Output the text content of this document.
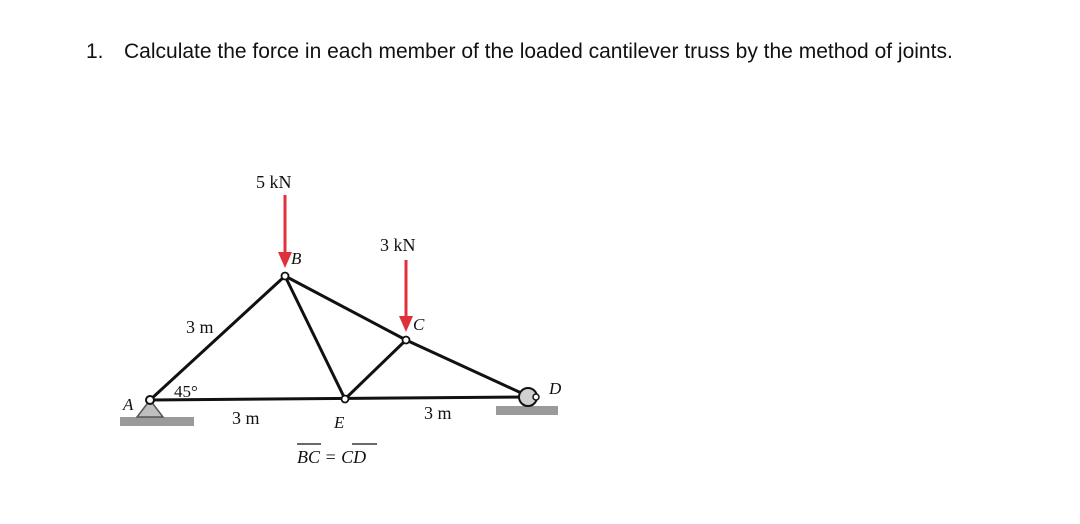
1. Calculate the force in each member of the loaded cantilever truss by the method of joints.
5 kN
3 kN
B
C
A
D
E
3 m
3 m	3 m
45°
BC = CD
